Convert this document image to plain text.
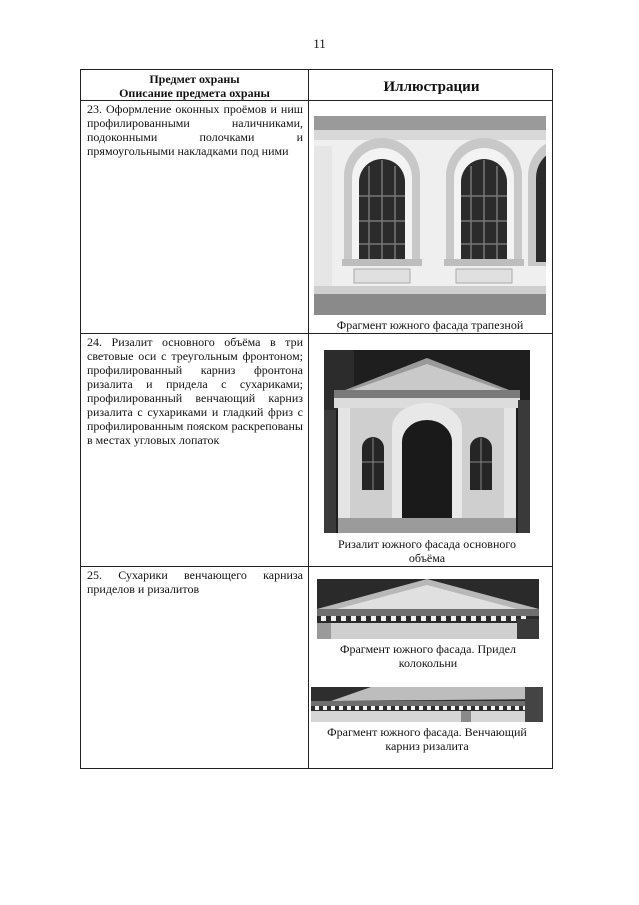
11
Предмет охраны
Описание предмета охраны	Иллюстрации
23. Оформление оконных проёмов и ниш профилированными наличниками, подоконными полочками и прямоугольными накладками под ними
Фрагмент южного фасада трапезной
24. Ризалит основного объёма в три световые оси с треугольным фронтоном; профилированный карниз фронтона ризалита и придела с сухариками; профилированный венчающий карниз ризалита с сухариками и гладкий фриз с профилированным пояском раскрепованы в местах угловых лопаток
Ризалит южного фасада основного объёма
25. Сухарики венчающего карниза приделов и ризалитов
Фрагмент южного фасада. Придел колокольни
Фрагмент южного фасада. Венчающий карниз ризалита
